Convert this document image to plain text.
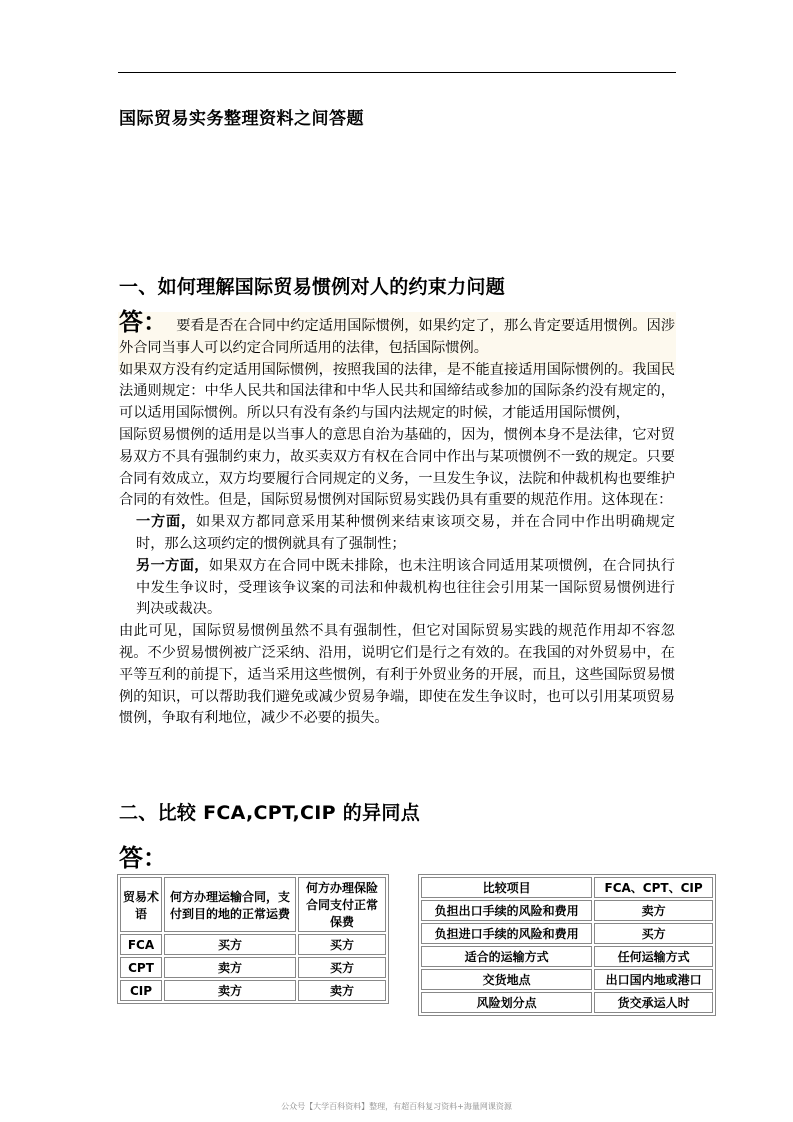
国际贸易实务整理资料之间答题
一、如何理解国际贸易惯例对人的约束力问题

答： 要看是否在合同中约定适用国际惯例，如果约定了，那么肯定要适用惯例。因涉外合同当事人可以约定合同所适用的法律，包括国际惯例。

如果双方没有约定适用国际惯例，按照我国的法律，是不能直接适用国际惯例的。我国民法通则规定：中华人民共和国法律和中华人民共和国缔结或参加的国际条约没有规定的，可以适用国际惯例。所以只有没有条约与国内法规定的时候，才能适用国际惯例，

国际贸易惯例的适用是以当事人的意思自治为基础的，因为，惯例本身不是法律，它对贸易双方不具有强制约束力，故买卖双方有权在合同中作出与某项惯例不一致的规定。只要合同有效成立，双方均要履行合同规定的义务，一旦发生争议，法院和仲裁机构也要维护合同的有效性。但是，国际贸易惯例对国际贸易实践仍具有重要的规范作用。这体现在：

一方面，如果双方都同意采用某种惯例来结束该项交易，并在合同中作出明确规定时，那么这项约定的惯例就具有了强制性；

另一方面，如果双方在合同中既未排除，也未注明该合同适用某项惯例，在合同执行中发生争议时，受理该争议案的司法和仲裁机构也往往会引用某一国际贸易惯例进行判决或裁决。

由此可见，国际贸易惯例虽然不具有强制性，但它对国际贸易实践的规范作用却不容忽视。不少贸易惯例被广泛采纳、沿用，说明它们是行之有效的。在我国的对外贸易中，在平等互利的前提下，适当采用这些惯例，有利于外贸业务的开展，而且，这些国际贸易惯例的知识，可以帮助我们避免或减少贸易争端，即使在发生争议时，也可以引用某项贸易惯例，争取有利地位，减少不必要的损失。

二、比较 FCA,CPT,CIP 的异同点
答：
贸易术语	何方办理运输合同，支付到目的地的正常运费	何方办理保险合同支付正常保费
FCA	买方	买方
CPT	卖方	买方
CIP	卖方	卖方
比较项目	FCA、CPT、CIP
负担出口手续的风险和费用	卖方
负担进口手续的风险和费用	买方
适合的运输方式	任何运输方式
交货地点	出口国内地或港口
风险划分点	货交承运人时
公众号【大学百科资料】整理，有超百科复习资料+海量网课资源
